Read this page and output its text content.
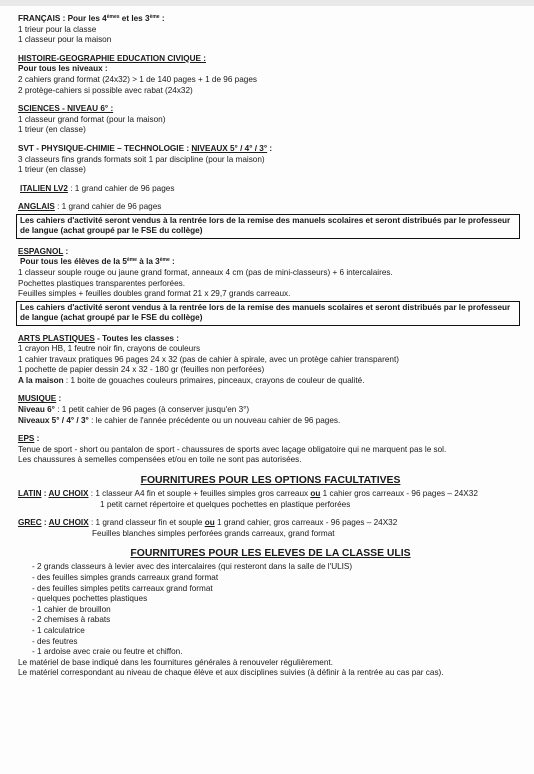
FRANÇAIS : Pour les 4èmes et les 3ème :
1 trieur pour la classe
1 classeur pour la maison
HISTOIRE-GEOGRAPHIE EDUCATION CIVIQUE :
Pour tous les niveaux :
2 cahiers grand format (24x32) > 1 de 140 pages + 1 de 96 pages
2 protège-cahiers si possible avec rabat (24x32)
SCIENCES - NIVEAU 6° :
1 classeur grand format (pour la maison)
1 trieur (en classe)
SVT - PHYSIQUE-CHIMIE – TECHNOLOGIE : NIVEAUX 5° / 4° / 3° :
3 classeurs fins grands formats soit 1 par discipline (pour la maison)
1 trieur (en classe)
ITALIEN LV2 : 1 grand cahier de 96 pages
ANGLAIS : 1 grand cahier de 96 pages
Les cahiers d'activité seront vendus à la rentrée lors de la remise des manuels scolaires et seront distribués par le professeur de langue (achat groupé par le FSE du collège)
ESPAGNOL :
Pour tous les élèves de la 5ème à la 3ème :
1 classeur souple rouge ou jaune grand format, anneaux 4 cm (pas de mini-classeurs) + 6 intercalaires.
Pochettes plastiques transparentes perforées.
Feuilles simples + feuilles doubles grand format 21 x 29,7 grands carreaux.
Les cahiers d'activité seront vendus à la rentrée lors de la remise des manuels scolaires et seront distribués par le professeur de langue (achat groupé par le FSE du collège)
ARTS PLASTIQUES - Toutes les classes :
1 crayon HB, 1 feutre noir fin, crayons de couleurs
1 cahier travaux pratiques 96 pages 24 x 32 (pas de cahier à spirale, avec un protège cahier transparent)
1 pochette de papier dessin 24 x 32 - 180 gr (feuilles non perforées)
A la maison : 1 boite de gouaches couleurs primaires, pinceaux, crayons de couleur de qualité.
MUSIQUE :
Niveau 6° : 1 petit cahier de 96 pages (à conserver jusqu'en 3°)
Niveaux 5° / 4° / 3° : le cahier de l'année précédente ou un nouveau cahier de 96 pages.
EPS :
Tenue de sport - short ou pantalon de sport - chaussures de sports avec laçage obligatoire qui ne marquent pas le sol.
Les chaussures à semelles compensées et/ou en toile ne sont pas autorisées.
FOURNITURES POUR LES OPTIONS FACULTATIVES
LATIN : AU CHOIX : 1 classeur A4 fin et souple + feuilles simples gros carreaux ou 1 cahier gros carreaux - 96 pages – 24X32
1 petit carnet répertoire et quelques pochettes en plastique perforées
GREC : AU CHOIX : 1 grand classeur fin et souple ou 1 grand cahier, gros carreaux - 96 pages – 24X32
Feuilles blanches simples perforées grands carreaux, grand format
FOURNITURES POUR LES ELEVES DE LA CLASSE ULIS
- 2 grands classeurs à levier avec des intercalaires (qui resteront dans la salle de l'ULIS)
- des feuilles simples grands carreaux grand format
- des feuilles simples petits carreaux grand format
- quelques pochettes plastiques
- 1 cahier de brouillon
- 2 chemises à rabats
- 1 calculatrice
- des feutres
- 1 ardoise avec craie ou feutre et chiffon.
Le matériel de base indiqué dans les fournitures générales à renouveler régulièrement.
Le matériel correspondant au niveau de chaque élève et aux disciplines suivies (à définir à la rentrée au cas par cas).
